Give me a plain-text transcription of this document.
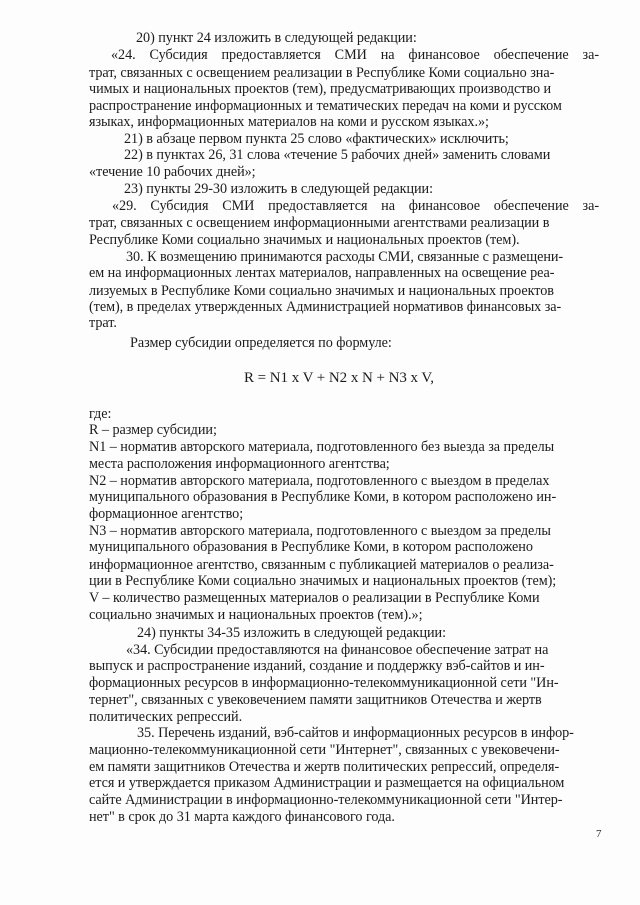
20) пункт 24 изложить в следующей редакции:
«24. Субсидия предоставляется СМИ на финансовое обеспечение за-
трат, связанных с освещением реализации в Республике Коми социально зна-
чимых и национальных проектов (тем), предусматривающих производство и
распространение информационных и тематических передач на коми и русском
языках, информационных материалов на коми и русском языках.»;
21) в абзаце первом пункта 25 слово «фактических» исключить;
22) в пунктах 26, 31 слова «течение 5 рабочих дней» заменить словами
«течение 10 рабочих дней»;
23) пункты 29-30 изложить в следующей редакции:
«29. Субсидия СМИ предоставляется на финансовое обеспечение за-
трат, связанных с освещением информационными агентствами реализации в
Республике Коми социально значимых и национальных проектов (тем).
30. К возмещению принимаются расходы СМИ, связанные с размещени-
ем на информационных лентах материалов, направленных на освещение реа-
лизуемых в Республике Коми социально значимых и национальных проектов
(тем), в пределах утвержденных Администрацией нормативов финансовых за-
трат.
Размер субсидии определяется по формуле:
R = N1 x V + N2 x N + N3 x V,
где:
R – размер субсидии;
N1 – норматив авторского материала, подготовленного без выезда за пределы
места расположения информационного агентства;
N2 – норматив авторского материала, подготовленного с выездом в пределах
муниципального образования в Республике Коми, в котором расположено ин-
формационное агентство;
N3 – норматив авторского материала, подготовленного с выездом за пределы
муниципального образования в Республике Коми, в котором расположено
информационное агентство, связанным с публикацией материалов о реализа-
ции в Республике Коми социально значимых и национальных проектов (тем);
V – количество размещенных материалов о реализации в Республике Коми
социально значимых и национальных проектов (тем).»;
24) пункты 34-35 изложить в следующей редакции:
«34. Субсидии предоставляются на финансовое обеспечение затрат на
выпуск и распространение изданий, создание и поддержку вэб-сайтов и ин-
формационных ресурсов в информационно-телекоммуникационной сети "Ин-
тернет", связанных с увековечением памяти защитников Отечества и жертв
политических репрессий.
35. Перечень изданий, вэб-сайтов и информационных ресурсов в инфор-
мационно-телекоммуникационной сети "Интернет", связанных с увековечени-
ем памяти защитников Отечества и жертв политических репрессий, определя-
ется и утверждается приказом Администрации и размещается на официальном
сайте Администрации в информационно-телекоммуникационной сети "Интер-
нет" в срок до 31 марта каждого финансового года.
7
